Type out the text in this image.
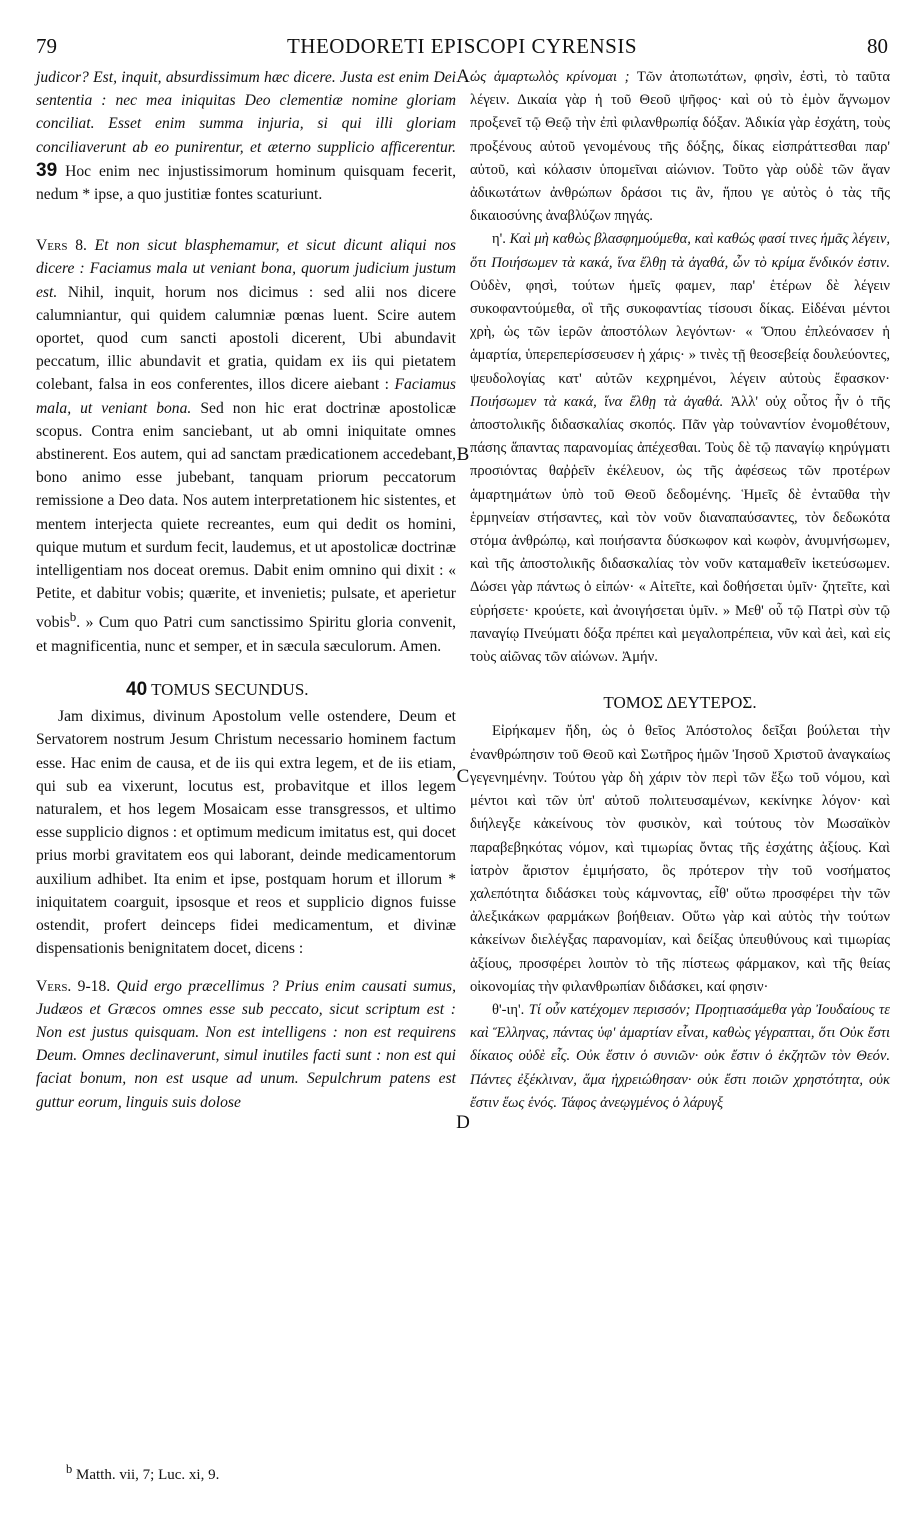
79	THEODORETI EPISCOPI CYRENSIS	80
A
B
C
D

judicor? Est, inquit, absurdissimum hæc dicere. Justa est enim Dei sententia : nec mea iniquitas Deo clementiæ nomine gloriam conciliat. Esset enim summa injuria, si qui illi gloriam conciliaverunt ab eo punirentur, et æterno supplicio afficerentur. 39 Hoc enim nec injustissimorum hominum quisquam fecerit, nedum * ipse, a quo justitiæ fontes scaturiunt.

Vers 8. Et non sicut blasphemamur, et sicut dicunt aliqui nos dicere : Faciamus mala ut veniant bona, quorum judicium justum est. Nihil, inquit, horum nos dicimus : sed alii nos dicere calumniantur, qui quidem calumniæ pœnas luent. Scire autem oportet, quod cum sancti apostoli dicerent, Ubi abundavit peccatum, illic abundavit et gratia, quidam ex iis qui pietatem colebant, falsa in eos conferentes, illos dicere aiebant : Faciamus mala, ut veniant bona. Sed non hic erat doctrinæ apostolicæ scopus. Contra enim sanciebant, ut ab omni iniquitate omnes abstinerent. Eos autem, qui ad sanctam prædicationem accedebant, bono animo esse jubebant, tanquam priorum peccatorum remissione a Deo data. Nos autem interpretationem hic sistentes, et mentem interjecta quiete recreantes, eum qui dedit os homini, quique mutum et surdum fecit, laudemus, et ut apostolicæ doctrinæ intelligentiam nos doceat oremus. Dabit enim omnino qui dixit : « Petite, et dabitur vobis; quærite, et invenietis; pulsate, et aperietur vobis$^b$. » Cum quo Patri cum sanctissimo Spiritu gloria convenit, et magnificentia, nunc et semper, et in sæcula sæculorum. Amen.

40 TOMUS SECUNDUS.

Jam diximus, divinum Apostolum velle ostendere, Deum et Servatorem nostrum Jesum Christum necessario hominem factum esse. Hac enim de causa, et de iis qui extra legem, et de iis etiam, qui sub ea vixerunt, locutus est, probavitque et illos legem naturalem, et hos legem Mosaicam esse transgressos, et ultimo esse supplicio dignos : et optimum medicum imitatus est, qui docet prius morbi gravitatem eos qui laborant, deinde medicamentorum auxilium adhibet. Ita enim et ipse, postquam horum et illorum * iniquitatem coarguit, ipsosque et reos et supplicio dignos fuisse ostendit, profert deinceps fidei medicamentum, et divinæ dispensationis benignitatem docet, dicens :

Vers. 9-18. Quid ergo præcellimus ? Prius enim causati sumus, Judæos et Græcos omnes esse sub peccato, sicut scriptum est : Non est justus quisquam. Non est intelligens : non est requirens Deum. Omnes declinaverunt, simul inutiles facti sunt : non est qui faciat bonum, non est usque ad unum. Sepulchrum patens est guttur eorum, linguis suis dolose

ὡς ἁμαρτωλὸς κρίνομαι ; Τῶν ἀτοπωτάτων, φησὶν, ἐστὶ, τὸ ταῦτα λέγειν. Δικαία γὰρ ἡ τοῦ Θεοῦ ψῆφος· καὶ οὐ τὸ ἐμὸν ἄγνωμον προξενεῖ τῷ Θεῷ τὴν ἐπὶ φιλανθρωπίᾳ δόξαν. Ἀδικία γὰρ ἐσχάτη, τοὺς προξένους αὐτοῦ γενομένους τῆς δόξης, δίκας εἰσπράττεσθαι παρ' αὐτοῦ, καὶ κόλασιν ὑπομεῖναι αἰώνιον. Τοῦτο γὰρ οὐδὲ τῶν ἄγαν ἀδικωτάτων ἀνθρώπων δράσοι τις ἂν, ἥπου γε αὐτὸς ὁ τὰς τῆς δικαιοσύνης ἀναβλύζων πηγάς.

η'. Καὶ μὴ καθὼς βλασφημούμεθα, καὶ καθώς φασί τινες ἡμᾶς λέγειν, ὅτι Ποιήσωμεν τὰ κακά, ἵνα ἔλθῃ τὰ ἀγαθά, ὧν τὸ κρίμα ἔνδικόν ἐστιν. Οὐδὲν, φησὶ, τούτων ἡμεῖς φαμεν, παρ' ἑτέρων δὲ λέγειν συκοφαντούμεθα, οἳ τῆς συκοφαντίας τίσουσι δίκας. Εἰδέναι μέντοι χρὴ, ὡς τῶν ἱερῶν ἀποστόλων λεγόντων· « Ὅπου ἐπλεόνασεν ἡ ἁμαρτία, ὑπερεπερίσσευσεν ἡ χάρις· » τινὲς τῇ θεοσεβείᾳ δουλεύοντες, ψευδολογίας κατ' αὐτῶν κεχρημένοι, λέγειν αὐτοὺς ἔφασκον· Ποιήσωμεν τὰ κακά, ἵνα ἔλθῃ τὰ ἀγαθά. Ἀλλ' οὐχ οὗτος ἦν ὁ τῆς ἀποστολικῆς διδασκαλίας σκοπός. Πᾶν γὰρ τοὐναντίον ἐνομοθέτουν, πάσης ἅπαντας παρανομίας ἀπέχεσθαι. Τοὺς δὲ τῷ παναγίῳ κηρύγματι προσιόντας θαῤῥεῖν ἐκέλευον, ὡς τῆς ἀφέσεως τῶν προτέρων ἁμαρτημάτων ὑπὸ τοῦ Θεοῦ δεδομένης. Ἡμεῖς δὲ ἐνταῦθα τὴν ἑρμηνείαν στήσαντες, καὶ τὸν νοῦν διαναπαύσαντες, τὸν δεδωκότα στόμα ἀνθρώπῳ, καὶ ποιήσαντα δύσκωφον καὶ κωφὸν, ἀνυμνήσωμεν, καὶ τῆς ἀποστολικῆς διδασκαλίας τὸν νοῦν καταμαθεῖν ἱκετεύσωμεν. Δώσει γὰρ πάντως ὁ εἰπών· « Αἰτεῖτε, καὶ δοθήσεται ὑμῖν· ζητεῖτε, καὶ εὑρήσετε· κρούετε, καὶ ἀνοιγήσεται ὑμῖν. » Μεθ' οὗ τῷ Πατρὶ σὺν τῷ παναγίῳ Πνεύματι δόξα πρέπει καὶ μεγαλοπρέπεια, νῦν καὶ ἀεὶ, καὶ εἰς τοὺς αἰῶνας τῶν αἰώνων. Ἀμήν.

ΤΟΜΟΣ ΔΕΥΤΕΡΟΣ.

Εἰρήκαμεν ἤδη, ὡς ὁ θεῖος Ἀπόστολος δεῖξαι βούλεται τὴν ἐνανθρώπησιν τοῦ Θεοῦ καὶ Σωτῆρος ἡμῶν Ἰησοῦ Χριστοῦ ἀναγκαίως γεγενημένην. Τούτου γὰρ δὴ χάριν τὸν περὶ τῶν ἔξω τοῦ νόμου, καὶ μέντοι καὶ τῶν ὑπ' αὐτοῦ πολιτευσαμένων, κεκίνηκε λόγον· καὶ διήλεγξε κἀκείνους τὸν φυσικὸν, καὶ τούτους τὸν Μωσαϊκὸν παραβεβηκότας νόμον, καὶ τιμωρίας ὄντας τῆς ἐσχάτης ἀξίους. Καὶ ἰατρὸν ἄριστον ἐμιμήσατο, ὃς πρότερον τὴν τοῦ νοσήματος χαλεπότητα διδάσκει τοὺς κάμνοντας, εἶθ' οὕτω προσφέρει τὴν τῶν ἀλεξικάκων φαρμάκων βοήθειαν. Οὕτω γὰρ καὶ αὐτὸς τὴν τούτων κἀκείνων διελέγξας παρανομίαν, καὶ δείξας ὑπευθύνους καὶ τιμωρίας ἀξίους, προσφέρει λοιπὸν τὸ τῆς πίστεως φάρμακον, καὶ τῆς θείας οἰκονομίας τὴν φιλανθρωπίαν διδάσκει, καί φησιν·

θ'-ιη'. Τί οὖν κατέχομεν περισσόν; Προῃτιασάμεθα γὰρ Ἰουδαίους τε καὶ Ἕλληνας, πάντας ὑφ' ἁμαρτίαν εἶναι, καθὼς γέγραπται, ὅτι Οὐκ ἔστι δίκαιος οὐδὲ εἷς. Οὐκ ἔστιν ὁ συνιῶν· οὐκ ἔστιν ὁ ἐκζητῶν τὸν Θεόν. Πάντες ἐξέκλιναν, ἅμα ἠχρειώθησαν· οὐκ ἔστι ποιῶν χρηστότητα, οὐκ ἔστιν ἕως ἑνός. Τάφος ἀνεῳγμένος ὁ λάρυγξ

$^b$ Matth. vii, 7; Luc. xi, 9.
